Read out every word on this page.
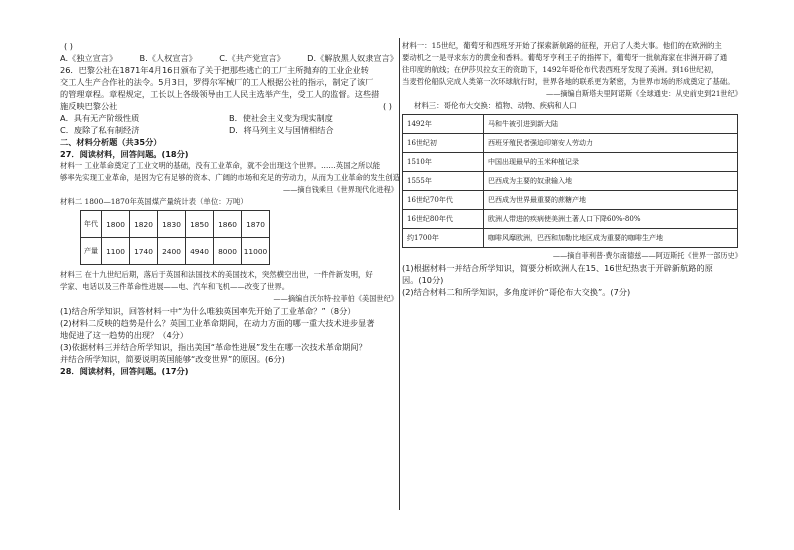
( )
A.《独立宣言》	B.《人权宣言》	C.《共产党宣言》	D.《解放黑人奴隶宣言》
26．巴黎公社在1871年4月16日颁布了关于把那些逃亡的工厂主所抛弃的工业企业转
交工人生产合作社的法令。5月3日，罗得尔军械厂的工人根据公社的指示，制定了该厂
的管理章程。章程规定，工长以上各级领导由工人民主选举产生，受工人的监督。这些措
施反映巴黎公社	( )
A．具有无产阶级性质	B．使社会主义变为现实制度
C．废除了私有制经济	D．将马列主义与国情相结合
二、材料分析题（共35分）
27．阅读材料，回答问题。(18分)
材料一 工业革命奠定了工业文明的基础，没有工业革命，就不会出现这个世界。……英国之所以能
够率先实现工业革命，是因为它有足够的资本、广阔的市场和充足的劳动力，从而为工业革命的发生创造
——摘自钱乘旦《世界现代化进程》
材料二 1800—1870年英国煤产量统计表（单位：万吨）
年代	1800	1820	1830	1850	1860	1870
产量	1100	1740	2400	4940	8000	11000
材料三 在十九世纪后期，落后于英国和法国技术的美国技术，突然横空出世，一件件新发明，好
学家、电话以及三件革命性进展——电、汽车和飞机——改变了世界。
——摘编自沃尔特·拉菲伯《美国世纪》
(1)结合所学知识，回答材料一中“为什么唯独英国率先开始了工业革命？”（8分）
(2)材料二反映的趋势是什么？英国工业革命期间，在动力方面的哪一重大技术进步显著
地促进了这一趋势的出现？（4分）
(3)依据材料三并结合所学知识，指出美国“革命性进展”发生在哪一次技术革命期间？
并结合所学知识，简要说明英国能够“改变世界”的原因。(6分)
28．阅读材料，回答问题。(17分)
材料一：15世纪，葡萄牙和西班牙开始了探索新航路的征程，开启了人类大事。他们的在欧洲的主
要动机之一是寻求东方的黄金和香料。葡萄牙亨利王子的指挥下，葡萄牙一批航海家在非洲开辟了通
往印度的航线；在伊莎贝拉女王的资助下，1492年哥伦布代表西班牙发现了美洲。到16世纪初，
当麦哲伦船队完成人类第一次环球航行时，世界各地的联系更为紧密，为世界市场的形成奠定了基础。
——摘编自斯塔夫里阿诺斯《全球通史：从史前史到21世纪》
材料三：哥伦布大交换：植物、动物、疾病和人口
1492年	马和牛被引进到新大陆
16世纪初	西班牙殖民者强迫印第安人劳动力
1510年	中国出现最早的玉米种植记录
1555年	巴西成为主要的奴隶输入地
16世纪70年代	巴西成为世界最重要的蔗糖产地
16世纪80年代	欧洲人带进的疾病使美洲土著人口下降60%-80%
约1700年	咖啡风靡欧洲，巴西和加勒比地区成为重要的咖啡生产地
——摘自菲利普·费尔南德兹——阿迈斯托《世界一部历史》
(1)根据材料一并结合所学知识，简要分析欧洲人在15、16世纪热衷于开辟新航路的原
因。(10分)
(2)结合材料二和所学知识，多角度评价“哥伦布大交换”。(7分)
